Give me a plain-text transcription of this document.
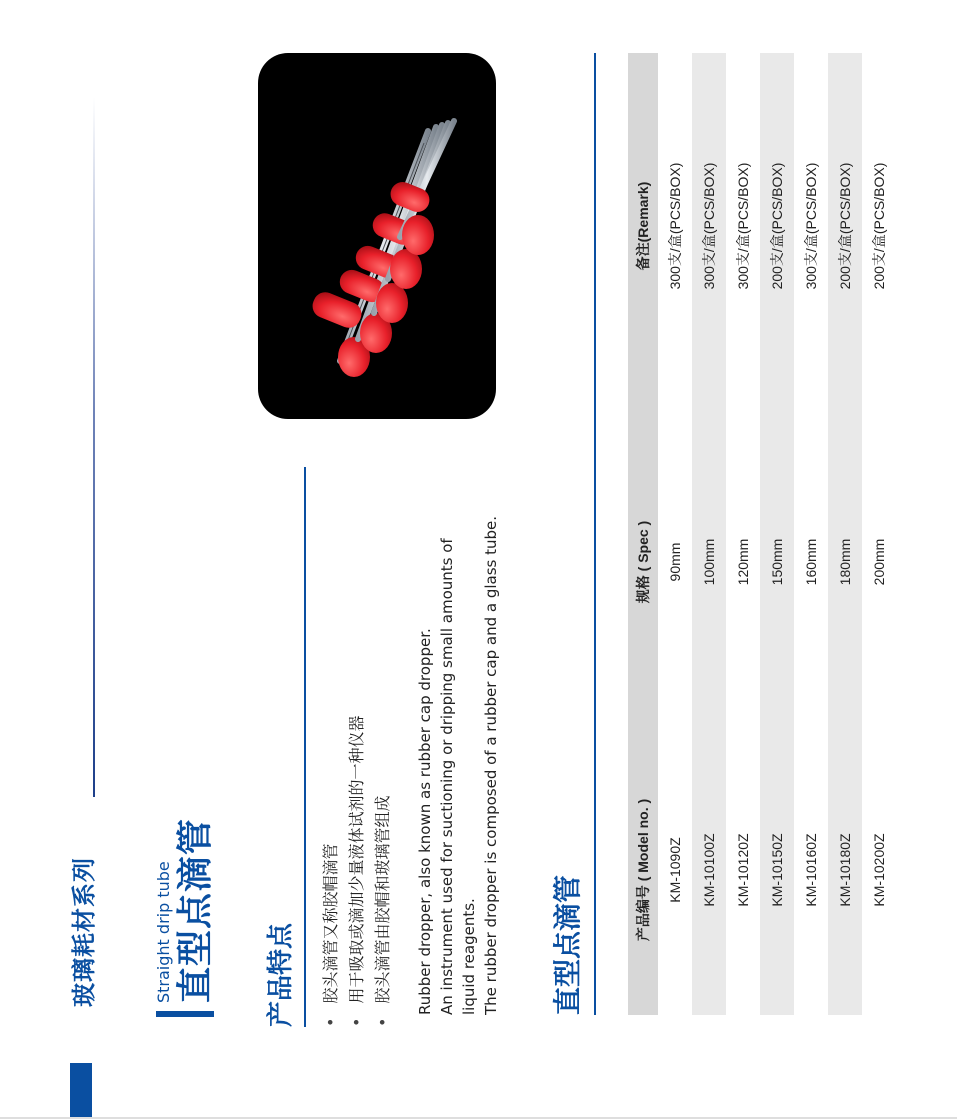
玻璃耗材系列	Straight drip tube 直型点滴管 产品特点 • 胶头滴管又称胶帽滴管 • 用于吸取或滴加少量液体试剂的一种仪器 • 胶头滴管由胶帽和玻璃管组成 Rubber dropper, also known as rubber cap dropper. An instrument used for suctioning or dripping small amounts of liquid reagents. The rubber dropper is composed of a rubber cap and a glass tube. 直型点滴管
产品编号 ( Model no. )	规格 ( Spec )	备注(Remark)
KM-1090Z	90mm	300支/盒(PCS/BOX)
KM-10100Z	100mm	300支/盒(PCS/BOX)
KM-10120Z	120mm	300支/盒(PCS/BOX)
KM-10150Z	150mm	200支/盒(PCS/BOX)
KM-10160Z	160mm	300支/盒(PCS/BOX)
KM-10180Z	180mm	200支/盒(PCS/BOX)
KM-10200Z	200mm	200支/盒(PCS/BOX)
